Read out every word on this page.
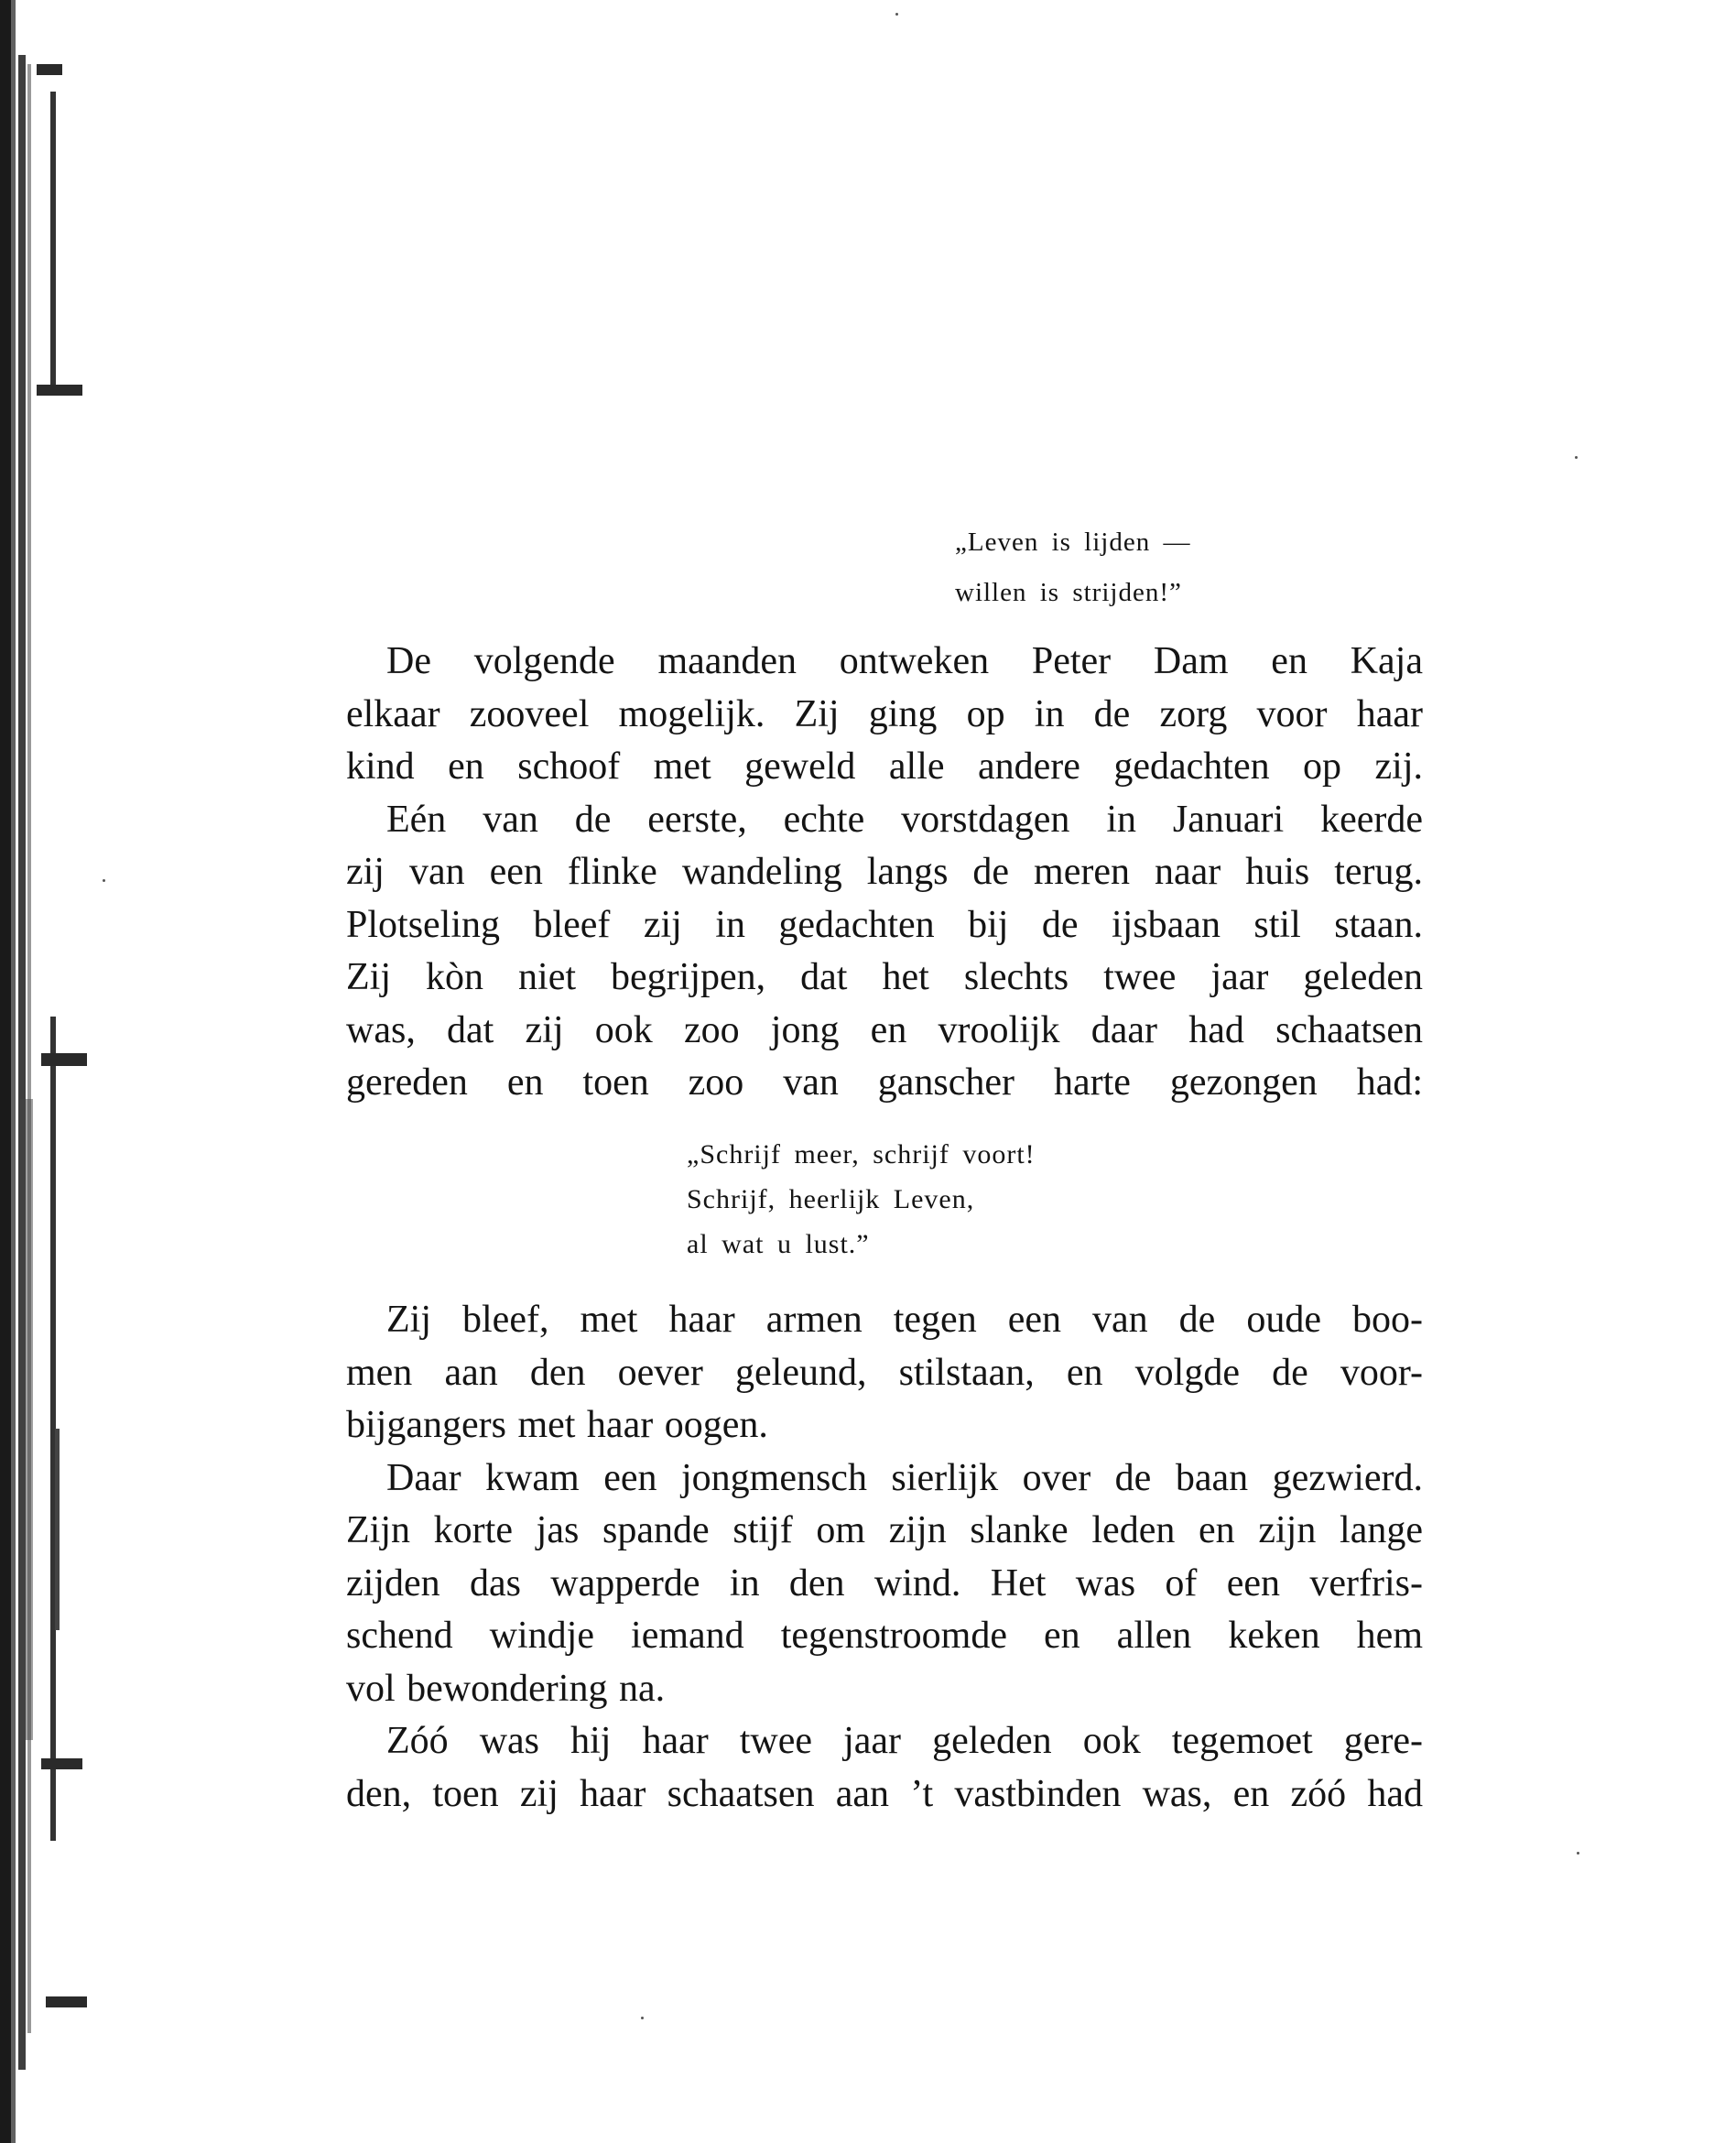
„Leven is lijden —
willen is strijden!”

De volgende maanden ontweken Peter Dam en Kaja
elkaar zooveel mogelijk. Zij ging op in de zorg voor haar
kind en schoof met geweld alle andere gedachten op zij.

Eén van de eerste, echte vorstdagen in Januari keerde
zij van een flinke wandeling langs de meren naar huis terug.
Plotseling bleef zij in gedachten bij de ijsbaan stil staan.
Zij kòn niet begrijpen, dat het slechts twee jaar geleden
was, dat zij ook zoo jong en vroolijk daar had schaatsen
gereden en toen zoo van ganscher harte gezongen had:

„Schrijf meer, schrijf voort!
Schrijf, heerlijk Leven,
al wat u lust.”

Zij bleef, met haar armen tegen een van de oude boo-
men aan den oever geleund, stilstaan, en volgde de voor-
bijgangers met haar oogen.

Daar kwam een jongmensch sierlijk over de baan gezwierd.
Zijn korte jas spande stijf om zijn slanke leden en zijn lange
zijden das wapperde in den wind. Het was of een verfris-
schend windje iemand tegenstroomde en allen keken hem
vol bewondering na.

Zóó was hij haar twee jaar geleden ook tegemoet gere-
den, toen zij haar schaatsen aan ’t vastbinden was, en zóó had
